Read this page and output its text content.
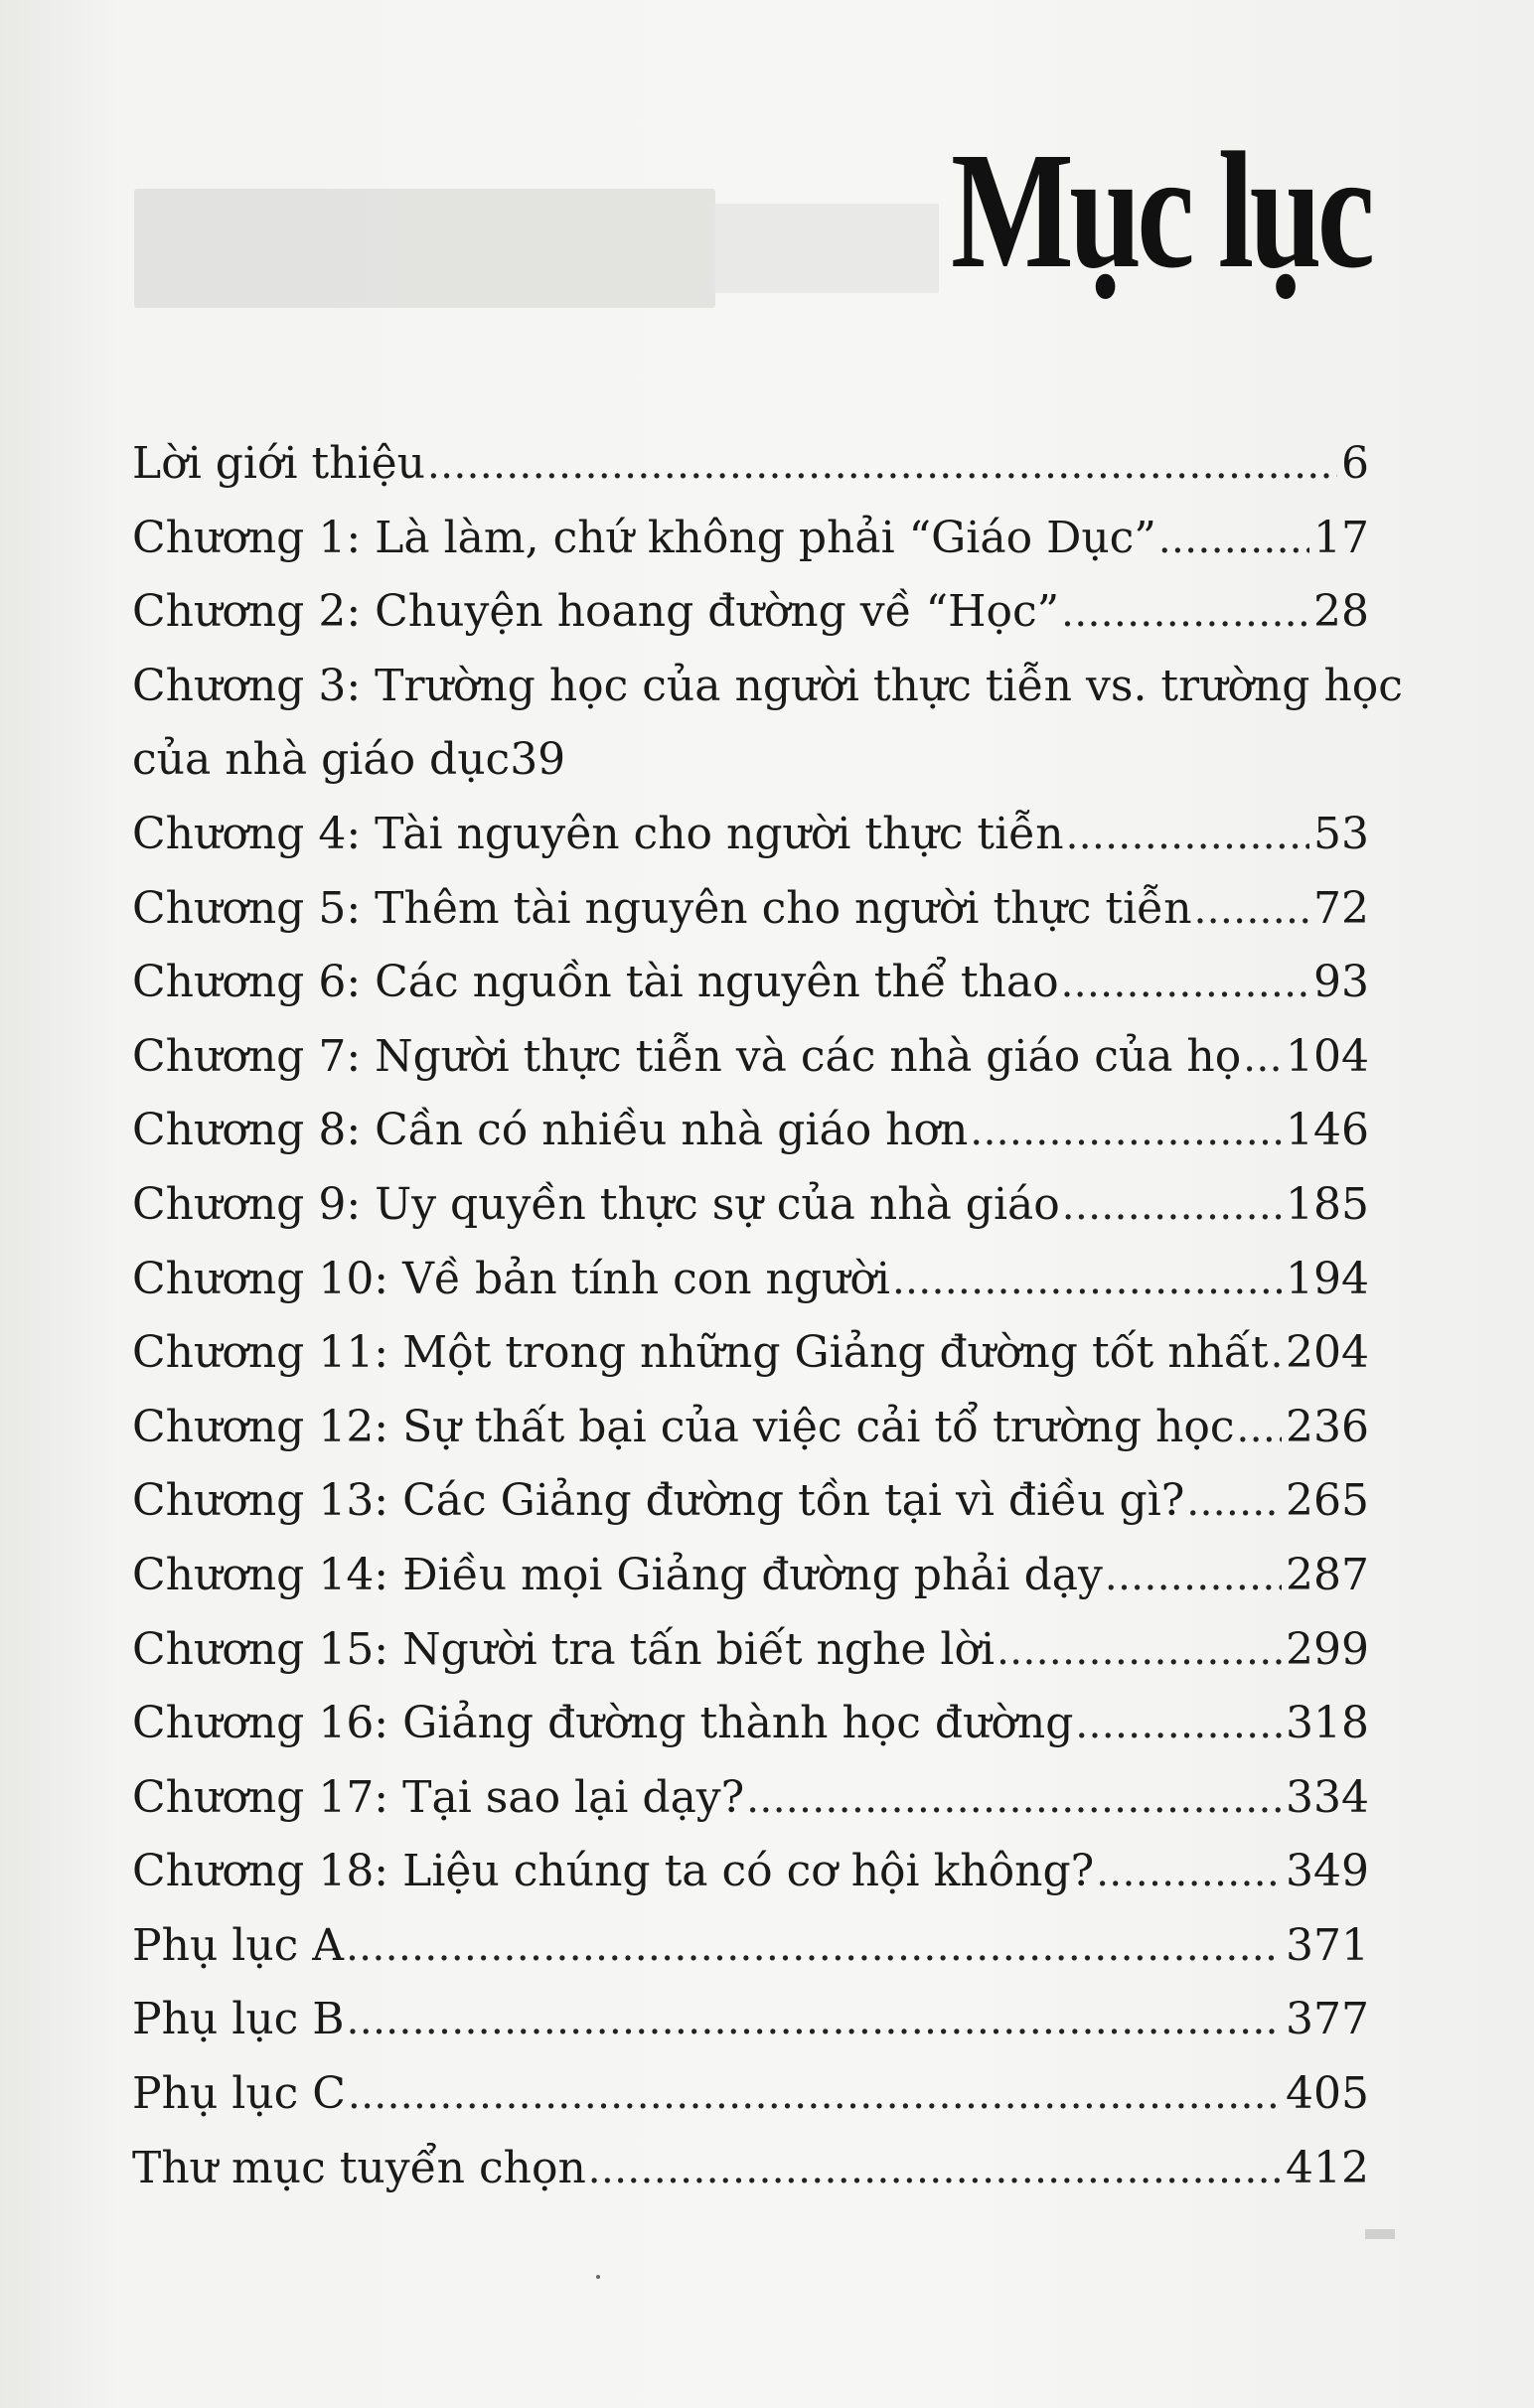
Mục lục
Lời giới thiệu .....	6
Chương 1: Là làm, chứ không phải “Giáo Dục” .....	17
Chương 2: Chuyện hoang đường về “Học” .....	28
Chương 3: Trường học của người thực tiễn vs. trường học
của nhà giáo dục 39
Chương 4: Tài nguyên cho người thực tiễn .....	53
Chương 5: Thêm tài nguyên cho người thực tiễn .....	72
Chương 6: Các nguồn tài nguyên thể thao .....	93
Chương 7: Người thực tiễn và các nhà giáo của họ ..... 104
Chương 8: Cần có nhiều nhà giáo hơn .....	146
Chương 9: Uy quyền thực sự của nhà giáo .....	185
Chương 10: Về bản tính con người .....	194
Chương 11: Một trong những Giảng đường tốt nhất ..... 204
Chương 12: Sự thất bại của việc cải tổ trường học ..... 236
Chương 13: Các Giảng đường tồn tại vì điều gì? ..... 265
Chương 14: Điều mọi Giảng đường phải dạy .....	287
Chương 15: Người tra tấn biết nghe lời .....	299
Chương 16: Giảng đường thành học đường .....	318
Chương 17: Tại sao lại dạy? .....	334
Chương 18: Liệu chúng ta có cơ hội không? .....	349
Phụ lục A .....	371
Phụ lục B .....	377
Phụ lục C .....	405
Thư mục tuyển chọn .....	412
